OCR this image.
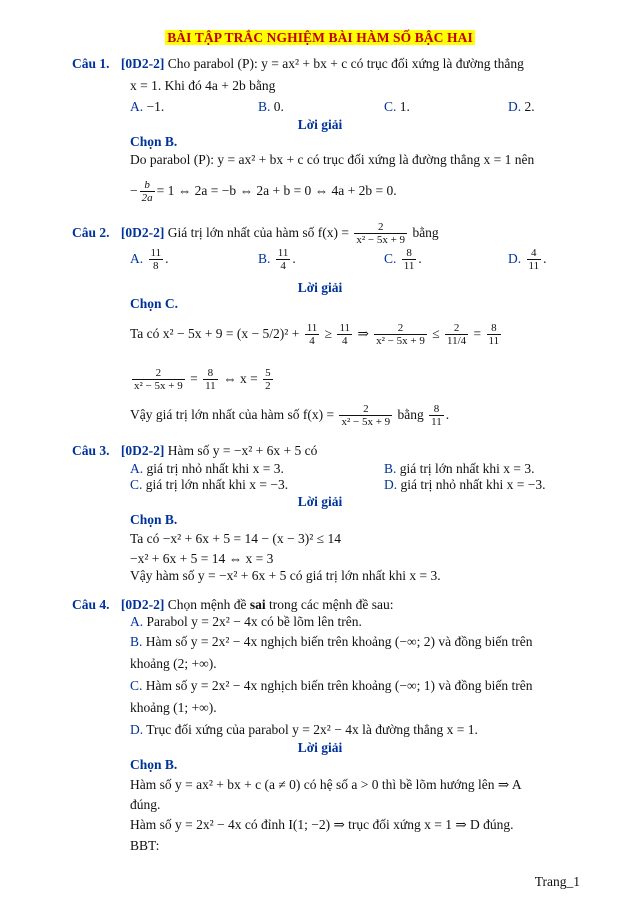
BÀI TẬP TRẮC NGHIỆM BÀI HÀM SỐ BẬC HAI
Câu 1. [0D2-2] Cho parabol (P): y = ax² + bx + c có trục đối xứng là đường thẳng
x = 1. Khi đó 4a + 2b bằng
A. −1.	B. 0.	C. 1.	D. 2.
Lời giải
Chọn B.
Do parabol (P): y = ax² + bx + c có trục đối xứng là đường thẳng x = 1 nên
− $\frac{b}{2a} = 1$ ⇔ 2a = −b ⇔ 2a + b = 0 ⇔ 4a + 2b = 0.
Câu 2. [0D2-2] Giá trị lớn nhất của hàm số $f(x) = \frac{2}{\text{x² − 5x + 9}}$ bằng
A. $\frac{11}{8}$ .	B. $\frac{11}{4}$ .	C. $\frac{8}{11}$ .	D. $\frac{4}{11}$ .
Lời giải
Chọn C.
Ta có $x^2 - 5x + 9 = (x - 5/2)^2 + \frac{11}{4} \ge \frac{11}{4}$ ⇒ $\frac{2}{\text{x² − 5x + 9}} \le \frac{2}{11/4} = \frac{8}{11}$
$\frac{2}{\text{x² − 5x + 9}} = \frac{8}{11}$ ⇔ $x = \frac{5}{2}$
Vậy giá trị lớn nhất của hàm số $f(x) = \frac{2}{\text{x² − 5x + 9}}$ bằng $\frac{8}{11}$ .
Câu 3. [0D2-2] Hàm số y = −x² + 6x + 5 có
A. giá trị nhỏ nhất khi x = 3.	B. giá trị lớn nhất khi x = 3.
C. giá trị lớn nhất khi x = −3.	D. giá trị nhỏ nhất khi x = −3.
Lời giải
Chọn B.
Ta có −x² + 6x + 5 = 14 − (x − 3)² ≤ 14
−x² + 6x + 5 = 14 ⇔ x = 3
Vậy hàm số y = −x² + 6x + 5 có giá trị lớn nhất khi x = 3.
Câu 4. [0D2-2] Chọn mệnh đề sai trong các mệnh đề sau:
A. Parabol y = 2x² − 4x có bề lõm lên trên.
B. Hàm số y = 2x² − 4x nghịch biến trên khoảng (−∞; 2) và đồng biến trên
khoảng (2; +∞).
C. Hàm số y = 2x² − 4x nghịch biến trên khoảng (−∞; 1) và đồng biến trên
khoảng (1; +∞).
D. Trục đối xứng của parabol y = 2x² − 4x là đường thẳng x = 1.
Lời giải
Chọn B.
Hàm số y = ax² + bx + c (a ≠ 0) có hệ số a > 0 thì bề lõm hướng lên ⇒ A
đúng.
Hàm số y = 2x² − 4x có đỉnh I(1; −2) ⇒ trục đối xứng x = 1 ⇒ D đúng.
BBT:
Trang_1
